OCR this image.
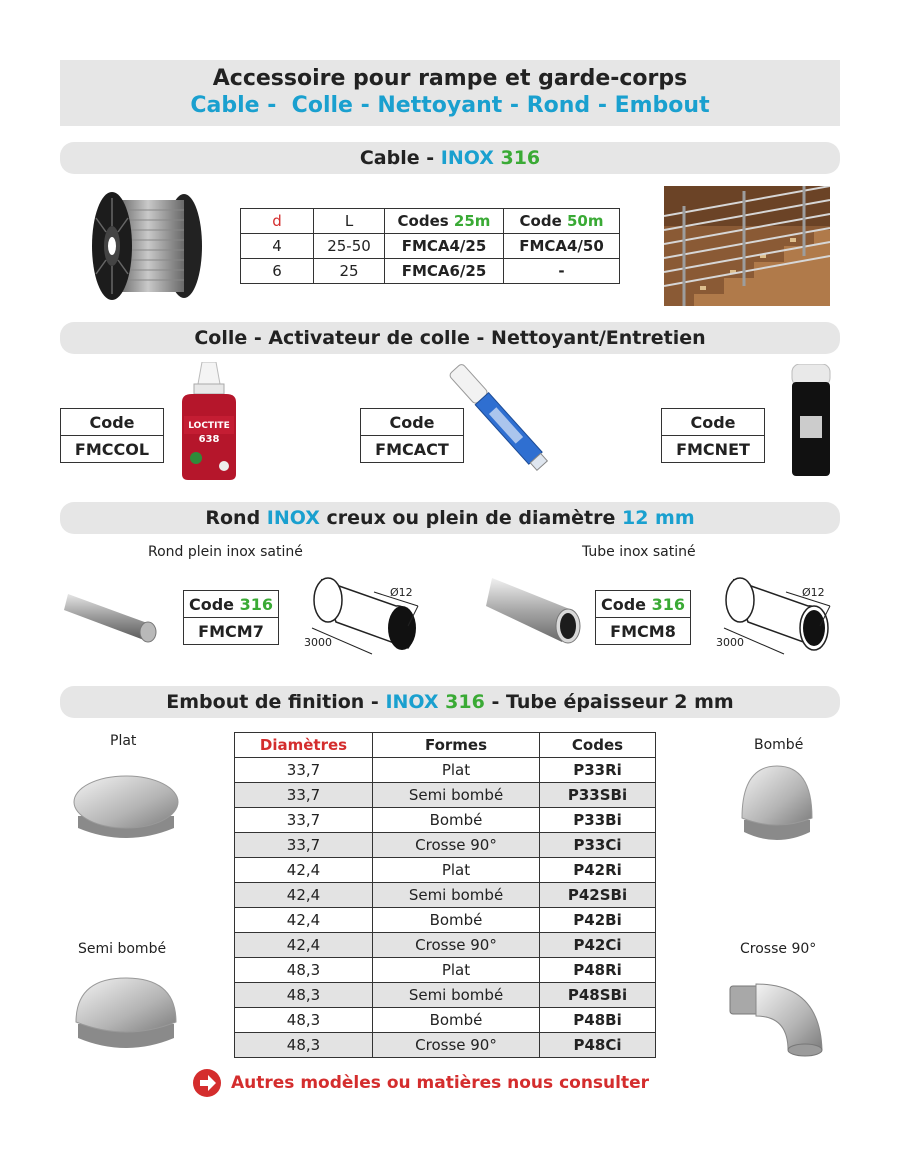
Accessoire pour rampe et garde-corps
Cable -  Colle - Nettoyant - Rond - Embout
Cable - INOX 316
d	L	Codes 25m	Code 50m
4	25-50	FMCA4/25	FMCA4/50
6	25	FMCA6/25	-
Colle - Activateur de colle - Nettoyant/Entretien
Code
FMCCOL
LOCTITE
638
Code
FMCACT
Code
FMCNET
Rond INOX creux ou plein de diamètre 12 mm
Rond plein inox satiné	Tube inox satiné
Code 316
FMCM7
Ø12
3000
Code 316
FMCM8
Ø12
3000
Embout de finition - INOX 316 - Tube épaisseur 2 mm
Plat
Semi bombé
Diamètres	Formes	Codes
33,7	Plat	P33Ri
33,7	Semi bombé	P33SBi
33,7	Bombé	P33Bi
33,7	Crosse 90°	P33Ci
42,4	Plat	P42Ri
42,4	Semi bombé	P42SBi
42,4	Bombé	P42Bi
42,4	Crosse 90°	P42Ci
48,3	Plat	P48Ri
48,3	Semi bombé	P48SBi
48,3	Bombé	P48Bi
48,3	Crosse 90°	P48Ci
Bombé
Crosse 90°
Autres modèles ou matières nous consulter
